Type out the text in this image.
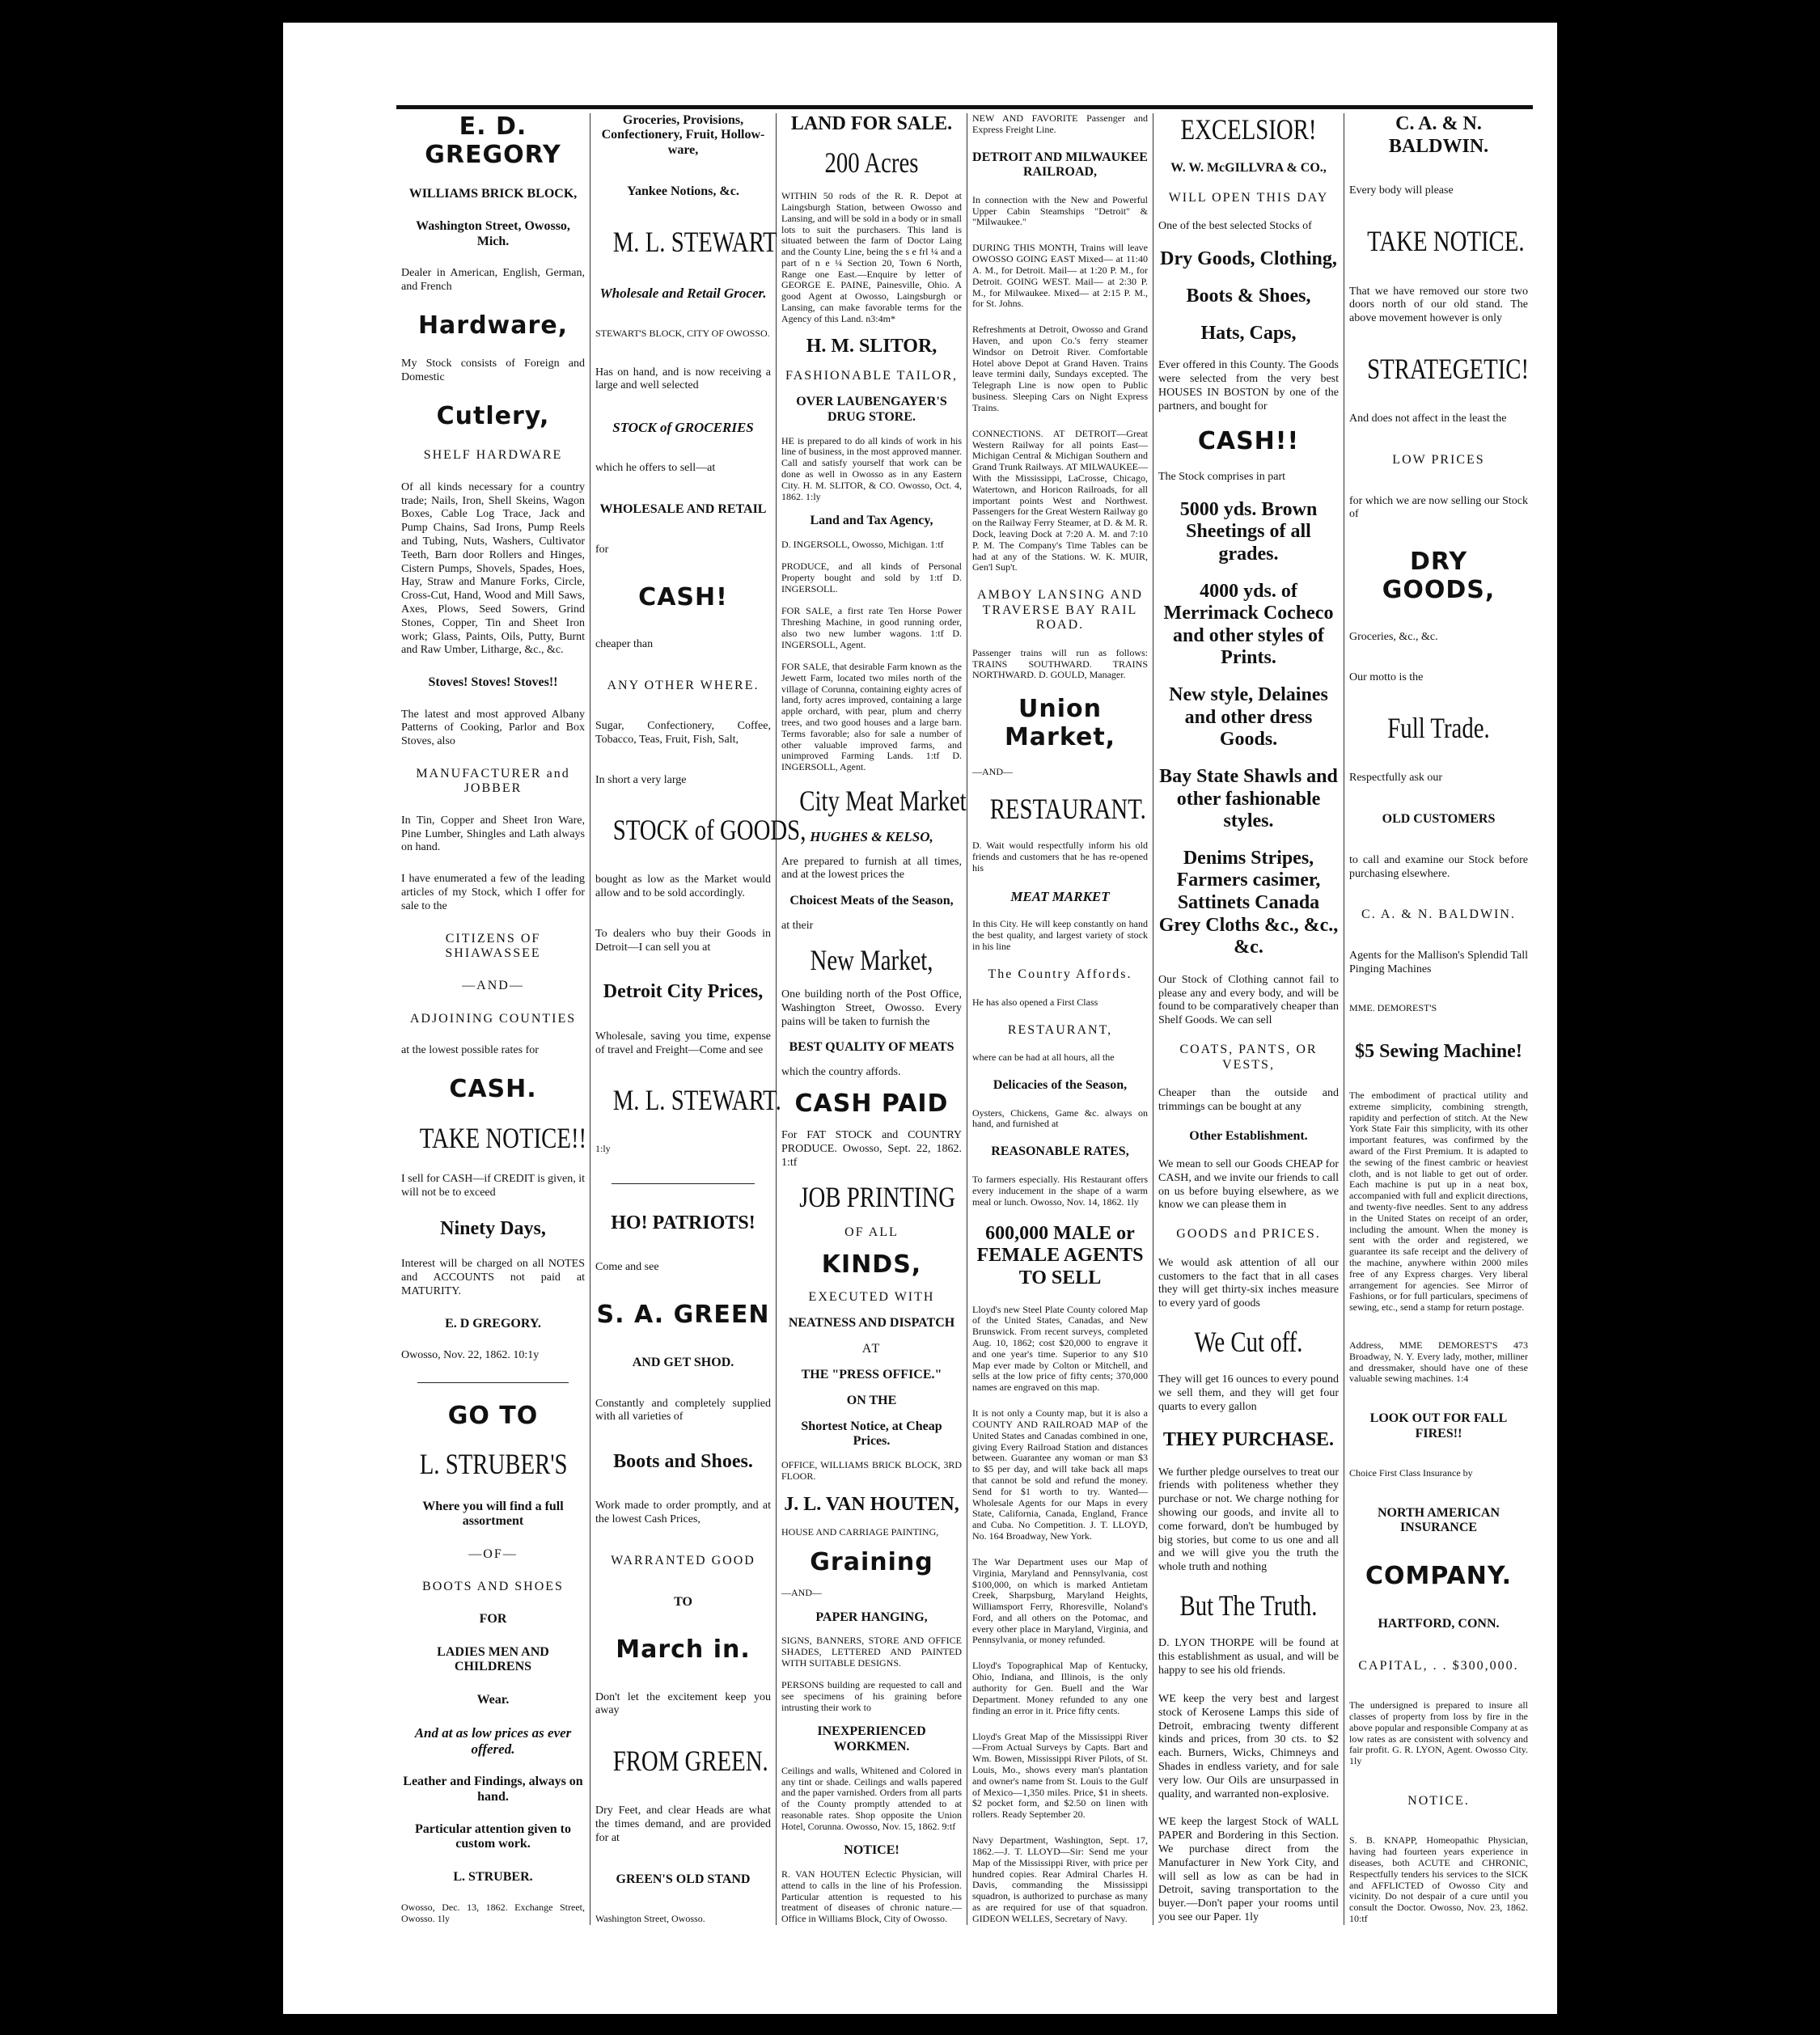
E. D. GREGORY
WILLIAMS BRICK BLOCK,
Washington Street, Owosso, Mich.
Dealer in American, English, German, and French
Hardware,
My Stock consists of Foreign and Domestic
Cutlery,
SHELF HARDWARE
Of all kinds necessary for a country trade; Nails, Iron, Shell Skeins, Wagon Boxes, Cable Log Trace, Jack and Pump Chains, Sad Irons, Pump Reels and Tubing, Nuts, Washers, Cultivator Teeth, Barn door Rollers and Hinges, Cistern Pumps, Shovels, Spades, Hoes, Hay, Straw and Manure Forks, Circle, Cross-Cut, Hand, Wood and Mill Saws, Axes, Plows, Seed Sowers, Grind Stones, Copper, Tin and Sheet Iron work; Glass, Paints, Oils, Putty, Burnt and Raw Umber, Litharge, &c., &c.
Stoves! Stoves! Stoves!!
The latest and most approved Albany Patterns of Cooking, Parlor and Box Stoves, also
MANUFACTURER and JOBBER
In Tin, Copper and Sheet Iron Ware, Pine Lumber, Shingles and Lath always on hand.
I have enumerated a few of the leading articles of my Stock, which I offer for sale to the
CITIZENS OF SHIAWASSEE
—AND—
ADJOINING COUNTIES
at the lowest possible rates for
CASH.
TAKE NOTICE!!
I sell for CASH—if CREDIT is given, it will not be to exceed
Ninety Days,
Interest will be charged on all NOTES and ACCOUNTS not paid at MATURITY.
E. D GREGORY.
Owosso, Nov. 22, 1862. 10:1y
GO TO
L. STRUBER'S
Where you will find a full assortment
—OF—
BOOTS AND SHOES
FOR
LADIES MEN AND CHILDRENS
Wear.
And at as low prices as ever offered.
Leather and Findings, always on hand.
Particular attention given to custom work.
L. STRUBER.
Owosso, Dec. 13, 1862. Exchange Street, Owosso. 1ly
Groceries, Provisions, Confectionery, Fruit, Hollow-ware,
Yankee Notions, &c.
M. L. STEWART
Wholesale and Retail Grocer.
STEWART'S BLOCK, CITY OF OWOSSO.
Has on hand, and is now receiving a large and well selected
STOCK of GROCERIES
which he offers to sell—at
WHOLESALE AND RETAIL
for
CASH!
cheaper than
ANY OTHER WHERE.
Sugar, Confectionery, Coffee, Tobacco, Teas, Fruit, Fish, Salt,
In short a very large
STOCK of GOODS,
bought as low as the Market would allow and to be sold accordingly.
To dealers who buy their Goods in Detroit—I can sell you at
Detroit City Prices,
Wholesale, saving you time, expense of travel and Freight—Come and see
M. L. STEWART.
1:ly
HO! PATRIOTS!
Come and see
S. A. GREEN
AND GET SHOD.
Constantly and completely supplied with all varieties of
Boots and Shoes.
Work made to order promptly, and at the lowest Cash Prices,
WARRANTED GOOD
TO
March in.
Don't let the excitement keep you away
FROM GREEN.
Dry Feet, and clear Heads are what the times demand, and are provided for at
GREEN'S OLD STAND
Washington Street, Owosso.
LAND FOR SALE.
200 Acres
WITHIN 50 rods of the R. R. Depot at Laingsburgh Station, between Owosso and Lansing, and will be sold in a body or in small lots to suit the purchasers. This land is situated between the farm of Doctor Laing and the County Line, being the s e frl ¼ and a part of n e ¼ Section 20, Town 6 North, Range one East.—Enquire by letter of GEORGE E. PAINE, Painesville, Ohio. A good Agent at Owosso, Laingsburgh or Lansing, can make favorable terms for the Agency of this Land. n3:4m*
H. M. SLITOR,
FASHIONABLE TAILOR,
OVER LAUBENGAYER'S DRUG STORE.
HE is prepared to do all kinds of work in his line of business, in the most approved manner. Call and satisfy yourself that work can be done as well in Owosso as in any Eastern City. H. M. SLITOR, & CO. Owosso, Oct. 4, 1862. 1:ly
Land and Tax Agency,
D. INGERSOLL, Owosso, Michigan. 1:tf
PRODUCE, and all kinds of Personal Property bought and sold by 1:tf D. INGERSOLL.
FOR SALE, a first rate Ten Horse Power Threshing Machine, in good running order, also two new lumber wagons. 1:tf D. INGERSOLL, Agent.
FOR SALE, that desirable Farm known as the Jewett Farm, located two miles north of the village of Corunna, containing eighty acres of land, forty acres improved, containing a large apple orchard, with pear, plum and cherry trees, and two good houses and a large barn. Terms favorable; also for sale a number of other valuable improved farms, and unimproved Farming Lands. 1:tf D. INGERSOLL, Agent.
City Meat Market
HUGHES & KELSO,
Are prepared to furnish at all times, and at the lowest prices the
Choicest Meats of the Season,
at their
New Market,
One building north of the Post Office, Washington Street, Owosso. Every pains will be taken to furnish the
BEST QUALITY OF MEATS
which the country affords.
CASH PAID
For FAT STOCK and COUNTRY PRODUCE. Owosso, Sept. 22, 1862. 1:tf
JOB PRINTING
OF ALL
KINDS,
EXECUTED WITH
NEATNESS AND DISPATCH
AT
THE "PRESS OFFICE."
ON THE
Shortest Notice, at Cheap Prices.
OFFICE, WILLIAMS BRICK BLOCK, 3RD FLOOR.
J. L. VAN HOUTEN,
HOUSE AND CARRIAGE PAINTING,
Graining
—AND—
PAPER HANGING,
SIGNS, BANNERS, STORE AND OFFICE SHADES, LETTERED AND PAINTED WITH SUITABLE DESIGNS.
PERSONS building are requested to call and see specimens of his graining before intrusting their work to
INEXPERIENCED WORKMEN.
Ceilings and walls, Whitened and Colored in any tint or shade. Ceilings and walls papered and the paper varnished. Orders from all parts of the County promptly attended to at reasonable rates. Shop opposite the Union Hotel, Corunna. Owosso, Nov. 15, 1862. 9:tf
NOTICE!
R. VAN HOUTEN Eclectic Physician, will attend to calls in the line of his Profession. Particular attention is requested to his treatment of diseases of chronic nature.—Office in Williams Block, City of Owosso.
NEW AND FAVORITE Passenger and Express Freight Line.
DETROIT AND MILWAUKEE RAILROAD,
In connection with the New and Powerful Upper Cabin Steamships "Detroit" & "Milwaukee."
DURING THIS MONTH, Trains will leave OWOSSO GOING EAST Mixed— at 11:40 A. M., for Detroit. Mail— at 1:20 P. M., for Detroit. GOING WEST. Mail— at 2:30 P. M., for Milwaukee. Mixed— at 2:15 P. M., for St. Johns.
Refreshments at Detroit, Owosso and Grand Haven, and upon Co.'s ferry steamer Windsor on Detroit River. Comfortable Hotel above Depot at Grand Haven. Trains leave termini daily, Sundays excepted. The Telegraph Line is now open to Public business. Sleeping Cars on Night Express Trains.
CONNECTIONS. AT DETROIT—Great Western Railway for all points East—Michigan Central & Michigan Southern and Grand Trunk Railways. AT MILWAUKEE—With the Mississippi, LaCrosse, Chicago, Watertown, and Horicon Railroads, for all important points West and Northwest. Passengers for the Great Western Railway go on the Railway Ferry Steamer, at D. & M. R. Dock, leaving Dock at 7:20 A. M. and 7:10 P. M. The Company's Time Tables can be had at any of the Stations. W. K. MUIR, Gen'l Sup't.
AMBOY LANSING AND TRAVERSE BAY RAIL ROAD.
Passenger trains will run as follows: TRAINS SOUTHWARD. TRAINS NORTHWARD. D. GOULD, Manager.
Union Market,
—AND—
RESTAURANT.
D. Wait would respectfully inform his old friends and customers that he has re-opened his
MEAT MARKET
In this City. He will keep constantly on hand the best quality, and largest variety of stock in his line
The Country Affords.
He has also opened a First Class
RESTAURANT,
where can be had at all hours, all the
Delicacies of the Season,
Oysters, Chickens, Game &c. always on hand, and furnished at
REASONABLE RATES,
To farmers especially. His Restaurant offers every inducement in the shape of a warm meal or lunch. Owosso, Nov. 14, 1862. 1ly
600,000 MALE or FEMALE AGENTS TO SELL
Lloyd's new Steel Plate County colored Map of the United States, Canadas, and New Brunswick. From recent surveys, completed Aug. 10, 1862; cost $20,000 to engrave it and one year's time. Superior to any $10 Map ever made by Colton or Mitchell, and sells at the low price of fifty cents; 370,000 names are engraved on this map.
It is not only a County map, but it is also a COUNTY AND RAILROAD MAP of the United States and Canadas combined in one, giving Every Railroad Station and distances between. Guarantee any woman or man $3 to $5 per day, and will take back all maps that cannot be sold and refund the money. Send for $1 worth to try. Wanted—Wholesale Agents for our Maps in every State, California, Canada, England, France and Cuba. No Competition. J. T. LLOYD, No. 164 Broadway, New York.
The War Department uses our Map of Virginia, Maryland and Pennsylvania, cost $100,000, on which is marked Antietam Creek, Sharpsburg, Maryland Heights, Williamsport Ferry, Rhoresville, Noland's Ford, and all others on the Potomac, and every other place in Maryland, Virginia, and Pennsylvania, or money refunded.
Lloyd's Topographical Map of Kentucky, Ohio, Indiana, and Illinois, is the only authority for Gen. Buell and the War Department. Money refunded to any one finding an error in it. Price fifty cents.
Lloyd's Great Map of the Mississippi River—From Actual Surveys by Capts. Bart and Wm. Bowen, Mississippi River Pilots, of St. Louis, Mo., shows every man's plantation and owner's name from St. Louis to the Gulf of Mexico—1,350 miles. Price, $1 in sheets. $2 pocket form, and $2.50 on linen with rollers. Ready September 20.
Navy Department, Washington, Sept. 17, 1862.—J. T. LLOYD—Sir: Send me your Map of the Mississippi River, with price per hundred copies. Rear Admiral Charles H. Davis, commanding the Mississippi squadron, is authorized to purchase as many as are required for use of that squadron. GIDEON WELLES, Secretary of Navy.
EXCELSIOR!
W. W. McGILLVRA & CO.,
WILL OPEN THIS DAY
One of the best selected Stocks of
Dry Goods, Clothing,
Boots & Shoes,
Hats, Caps,
Ever offered in this County. The Goods were selected from the very best HOUSES IN BOSTON by one of the partners, and bought for
CASH!!
The Stock comprises in part
5000 yds. Brown Sheetings of all grades.
4000 yds. of Merrimack Cocheco and other styles of Prints.
New style, Delaines and other dress Goods.
Bay State Shawls and other fashionable styles.
Denims Stripes, Farmers casimer, Sattinets Canada Grey Cloths &c., &c., &c.
Our Stock of Clothing cannot fail to please any and every body, and will be found to be comparatively cheaper than Shelf Goods. We can sell
COATS, PANTS, OR VESTS,
Cheaper than the outside and trimmings can be bought at any
Other Establishment.
We mean to sell our Goods CHEAP for CASH, and we invite our friends to call on us before buying elsewhere, as we know we can please them in
GOODS and PRICES.
We would ask attention of all our customers to the fact that in all cases they will get thirty-six inches measure to every yard of goods
We Cut off.
They will get 16 ounces to every pound we sell them, and they will get four quarts to every gallon
THEY PURCHASE.
We further pledge ourselves to treat our friends with politeness whether they purchase or not. We charge nothing for showing our goods, and invite all to come forward, don't be humbuged by big stories, but come to us one and all and we will give you the truth the whole truth and nothing
But The Truth.
D. LYON THORPE will be found at this establishment as usual, and will be happy to see his old friends.
WE keep the very best and largest stock of Kerosene Lamps this side of Detroit, embracing twenty different kinds and prices, from 30 cts. to $2 each. Burners, Wicks, Chimneys and Shades in endless variety, and for sale very low. Our Oils are unsurpassed in quality, and warranted non-explosive.
WE keep the largest Stock of WALL PAPER and Bordering in this Section. We purchase direct from the Manufacturer in New York City, and will sell as low as can be had in Detroit, saving transportation to the buyer.—Don't paper your rooms until you see our Paper. 1ly
C. A. & N. BALDWIN.
Every body will please
TAKE NOTICE.
That we have removed our store two doors north of our old stand. The above movement however is only
STRATEGETIC!
And does not affect in the least the
LOW PRICES
for which we are now selling our Stock of
DRY GOODS,
Groceries, &c., &c.
Our motto is the
Full Trade.
Respectfully ask our
OLD CUSTOMERS
to call and examine our Stock before purchasing elsewhere.
C. A. & N. BALDWIN.
Agents for the Mallison's Splendid Tall Pinging Machines
MME. DEMOREST'S
$5 Sewing Machine!
The embodiment of practical utility and extreme simplicity, combining strength, rapidity and perfection of stitch. At the New York State Fair this simplicity, with its other important features, was confirmed by the award of the First Premium. It is adapted to the sewing of the finest cambric or heaviest cloth, and is not liable to get out of order. Each machine is put up in a neat box, accompanied with full and explicit directions, and twenty-five needles. Sent to any address in the United States on receipt of an order, including the amount. When the money is sent with the order and registered, we guarantee its safe receipt and the delivery of the machine, anywhere within 2000 miles free of any Express charges. Very liberal arrangement for agencies. See Mirror of Fashions, or for full particulars, specimens of sewing, etc., send a stamp for return postage.
Address, MME DEMOREST'S 473 Broadway, N. Y. Every lady, mother, milliner and dressmaker, should have one of these valuable sewing machines. 1:4
LOOK OUT FOR FALL FIRES!!
Choice First Class Insurance by
NORTH AMERICAN INSURANCE
COMPANY.
HARTFORD, CONN.
CAPITAL, . . $300,000.
The undersigned is prepared to insure all classes of property from loss by fire in the above popular and responsible Company at as low rates as are consistent with solvency and fair profit. G. R. LYON, Agent. Owosso City. 1ly
NOTICE.
S. B. KNAPP, Homeopathic Physician, having had fourteen years experience in diseases, both ACUTE and CHRONIC, Respectfully tenders his services to the SICK and AFFLICTED of Owosso City and vicinity. Do not despair of a cure until you consult the Doctor. Owosso, Nov. 23, 1862. 10:tf
